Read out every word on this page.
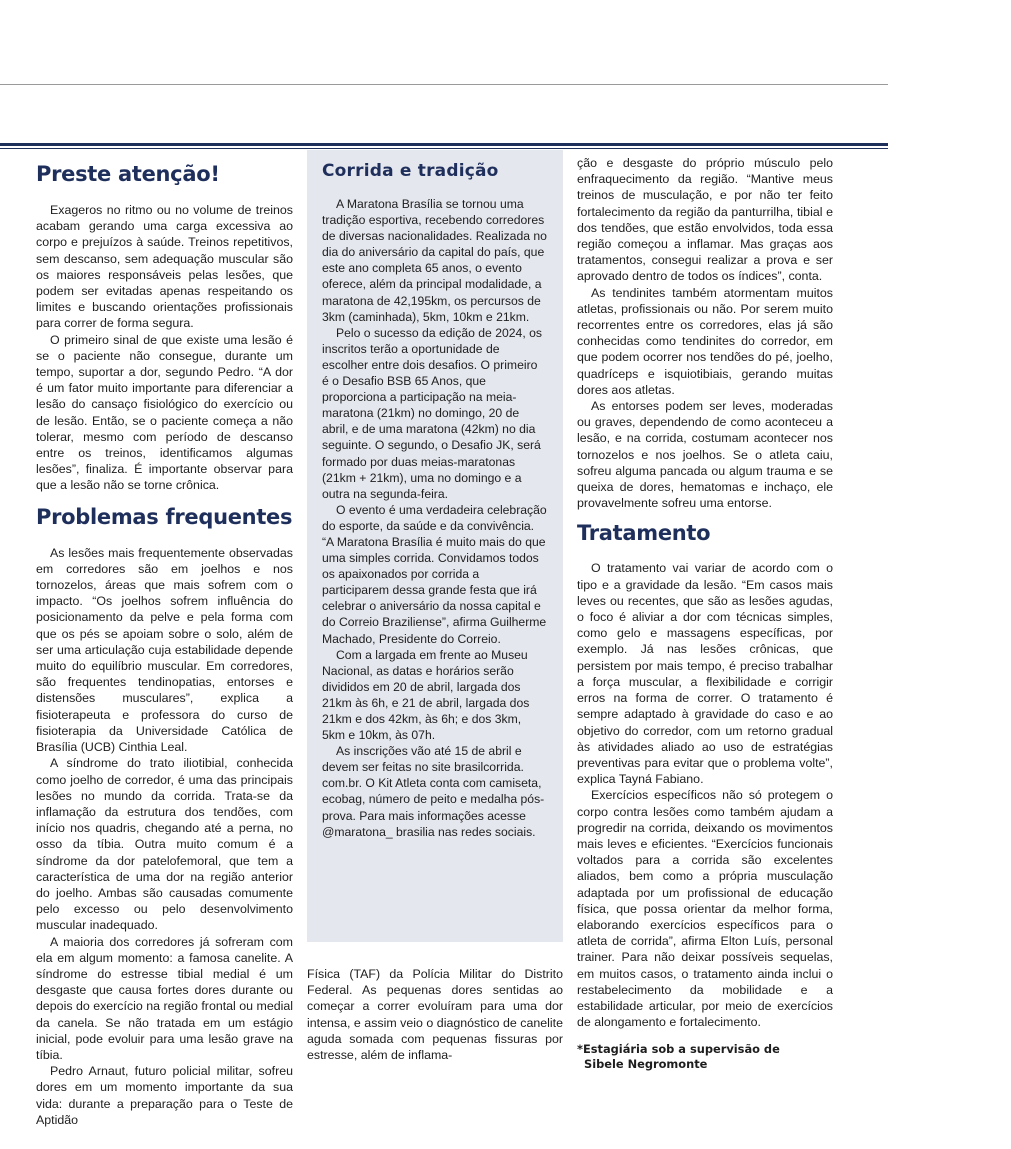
Preste atenção!

Exageros no ritmo ou no volume de treinos acabam gerando uma carga excessiva ao corpo e prejuízos à saúde. Treinos repetitivos, sem descanso, sem adequação muscular são os maiores responsáveis pelas lesões, que podem ser evitadas apenas respeitando os limites e buscando orientações profissionais para correr de forma segura.

O primeiro sinal de que existe uma lesão é se o paciente não consegue, durante um tempo, suportar a dor, segundo Pedro. “A dor é um fator muito importante para diferenciar a lesão do cansaço fisiológico do exercício ou de lesão. Então, se o paciente começa a não tolerar, mesmo com período de descanso entre os treinos, identificamos algumas lesões”, finaliza. É importante observar para que a lesão não se torne crônica.

Problemas frequentes

As lesões mais frequentemente observadas em corredores são em joelhos e nos tornozelos, áreas que mais sofrem com o impacto. “Os joelhos sofrem influência do posicionamento da pelve e pela forma com que os pés se apoiam sobre o solo, além de ser uma articulação cuja estabilidade depende muito do equilíbrio muscular. Em corredores, são frequentes tendinopatias, entorses e distensões musculares”, explica a fisioterapeuta e professora do curso de fisioterapia da Universidade Católica de Brasília (UCB) Cinthia Leal.

A síndrome do trato iliotibial, conhecida como joelho de corredor, é uma das principais lesões no mundo da corrida. Trata-se da inflamação da estrutura dos tendões, com início nos quadris, chegando até a perna, no osso da tíbia. Outra muito comum é a síndrome da dor patelofemoral, que tem a característica de uma dor na região anterior do joelho. Ambas são causadas comumente pelo excesso ou pelo desenvolvimento muscular inadequado.

A maioria dos corredores já sofreram com ela em algum momento: a famosa canelite. A síndrome do estresse tibial medial é um desgaste que causa fortes dores durante ou depois do exercício na região frontal ou medial da canela. Se não tratada em um estágio inicial, pode evoluir para uma lesão grave na tíbia.

Pedro Arnaut, futuro policial militar, sofreu dores em um momento importante da sua vida: durante a preparação para o Teste de Aptidão

Corrida e tradição

A Maratona Brasília se tornou uma tradição esportiva, recebendo corredores de diversas nacionalidades. Realizada no dia do aniversário da capital do país, que este ano completa 65 anos, o evento oferece, além da principal modalidade, a maratona de 42,195km, os percursos de 3km (caminhada), 5km, 10km e 21km.

Pelo o sucesso da edição de 2024, os inscritos terão a oportunidade de escolher entre dois desafios. O primeiro é o Desafio BSB 65 Anos, que proporciona a participação na meia-maratona (21km) no domingo, 20 de abril, e de uma maratona (42km) no dia seguinte. O segundo, o Desafio JK, será formado por duas meias-maratonas (21km + 21km), uma no domingo e a outra na segunda-feira.

O evento é uma verdadeira celebração do esporte, da saúde e da convivência. “A Maratona Brasília é muito mais do que uma simples corrida. Convidamos todos os apaixonados por corrida a participarem dessa grande festa que irá celebrar o aniversário da nossa capital e do Correio Braziliense”, afirma Guilherme Machado, Presidente do Correio.

Com a largada em frente ao Museu Nacional, as datas e horários serão divididos em 20 de abril, largada dos 21km às 6h, e 21 de abril, largada dos 21km e dos 42km, às 6h; e dos 3km, 5km e 10km, às 07h.

As inscrições vão até 15 de abril e devem ser feitas no site brasilcorrida. com.br. O Kit Atleta conta com camiseta, ecobag, número de peito e medalha pós-prova. Para mais informações acesse @maratona_ brasilia nas redes sociais.

Física (TAF) da Polícia Militar do Distrito Federal. As pequenas dores sentidas ao começar a correr evoluíram para uma dor intensa, e assim veio o diagnóstico de canelite aguda somada com pequenas fissuras por estresse, além de inflama-

ção e desgaste do próprio músculo pelo enfraquecimento da região. “Mantive meus treinos de musculação, e por não ter feito fortalecimento da região da panturrilha, tibial e dos tendões, que estão envolvidos, toda essa região começou a inflamar. Mas graças aos tratamentos, consegui realizar a prova e ser aprovado dentro de todos os índices”, conta.

As tendinites também atormentam muitos atletas, profissionais ou não. Por serem muito recorrentes entre os corredores, elas já são conhecidas como tendinites do corredor, em que podem ocorrer nos tendões do pé, joelho, quadríceps e isquiotibiais, gerando muitas dores aos atletas.

As entorses podem ser leves, moderadas ou graves, dependendo de como aconteceu a lesão, e na corrida, costumam acontecer nos tornozelos e nos joelhos. Se o atleta caiu, sofreu alguma pancada ou algum trauma e se queixa de dores, hematomas e inchaço, ele provavelmente sofreu uma entorse.

Tratamento

O tratamento vai variar de acordo com o tipo e a gravidade da lesão. “Em casos mais leves ou recentes, que são as lesões agudas, o foco é aliviar a dor com técnicas simples, como gelo e massagens específicas, por exemplo. Já nas lesões crônicas, que persistem por mais tempo, é preciso trabalhar a força muscular, a flexibilidade e corrigir erros na forma de correr. O tratamento é sempre adaptado à gravidade do caso e ao objetivo do corredor, com um retorno gradual às atividades aliado ao uso de estratégias preventivas para evitar que o problema volte”, explica Tayná Fabiano.

Exercícios específicos não só protegem o corpo contra lesões como também ajudam a progredir na corrida, deixando os movimentos mais leves e eficientes. “Exercícios funcionais voltados para a corrida são excelentes aliados, bem como a própria musculação adaptada por um profissional de educação física, que possa orientar da melhor forma, elaborando exercícios específicos para o atleta de corrida”, afirma Elton Luís, personal trainer. Para não deixar possíveis sequelas, em muitos casos, o tratamento ainda inclui o restabelecimento da mobilidade e a estabilidade articular, por meio de exercícios de alongamento e fortalecimento.

*Estagiária sob a supervisão de
Sibele Negromonte
